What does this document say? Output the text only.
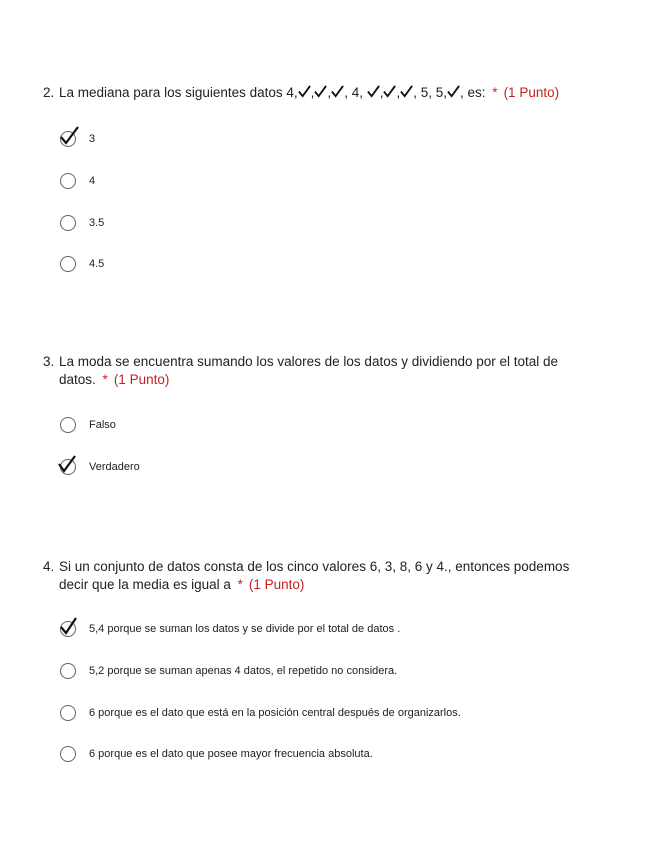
2. La mediana para los siguientes datos 4, , , , 4, , , , 5, 5, , es: * (1 Punto)
3
4
3.5
4.5
3. La moda se encuentra sumando los valores de los datos y dividiendo por el total de
datos. * (1 Punto)
Falso
Verdadero
4. Si un conjunto de datos consta de los cinco valores 6, 3, 8, 6 y 4., entonces podemos
decir que la media es igual a * (1 Punto)
5,4 porque se suman los datos y se divide por el total de datos .
5,2 porque se suman apenas 4 datos, el repetido no considera.
6 porque es el dato que está en la posición central después de organizarlos.
6 porque es el dato que posee mayor frecuencia absoluta.
